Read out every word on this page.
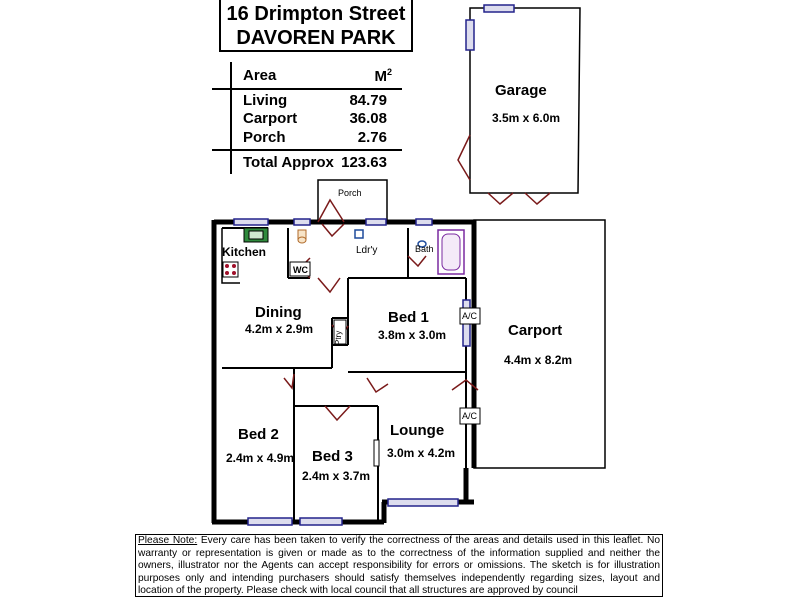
16 Drimpton Street
DAVOREN PARK
Area	$M^2$
Living	84.79
Carport	36.08
Porch	2.76
Total Approx 123.63
Garage
3.5m x 6.0m
Carport
4.4m x 8.2m
Porch
Kitchen
WC
Ldr'y	Bath
Dining
4.2m x 2.9m
Bed 1
3.8m x 3.0m
Ptry
Bed 2
2.4m x 4.9m Bed 3
2.4m x 3.7m
Lounge
3.0m x 4.2m
A/C
A/C
Please Note: Every care has been taken to verify the correctness of the areas and details used in this leaflet. No warranty or representation is given or made as to the correctness of the information supplied and neither the owners, illustrator nor the Agents can accept responsibility for errors or omissions. The sketch is for illustration purposes only and intending purchasers should satisfy themselves independently regarding sizes, layout and location of the property. Please check with local council that all structures are approved by council
